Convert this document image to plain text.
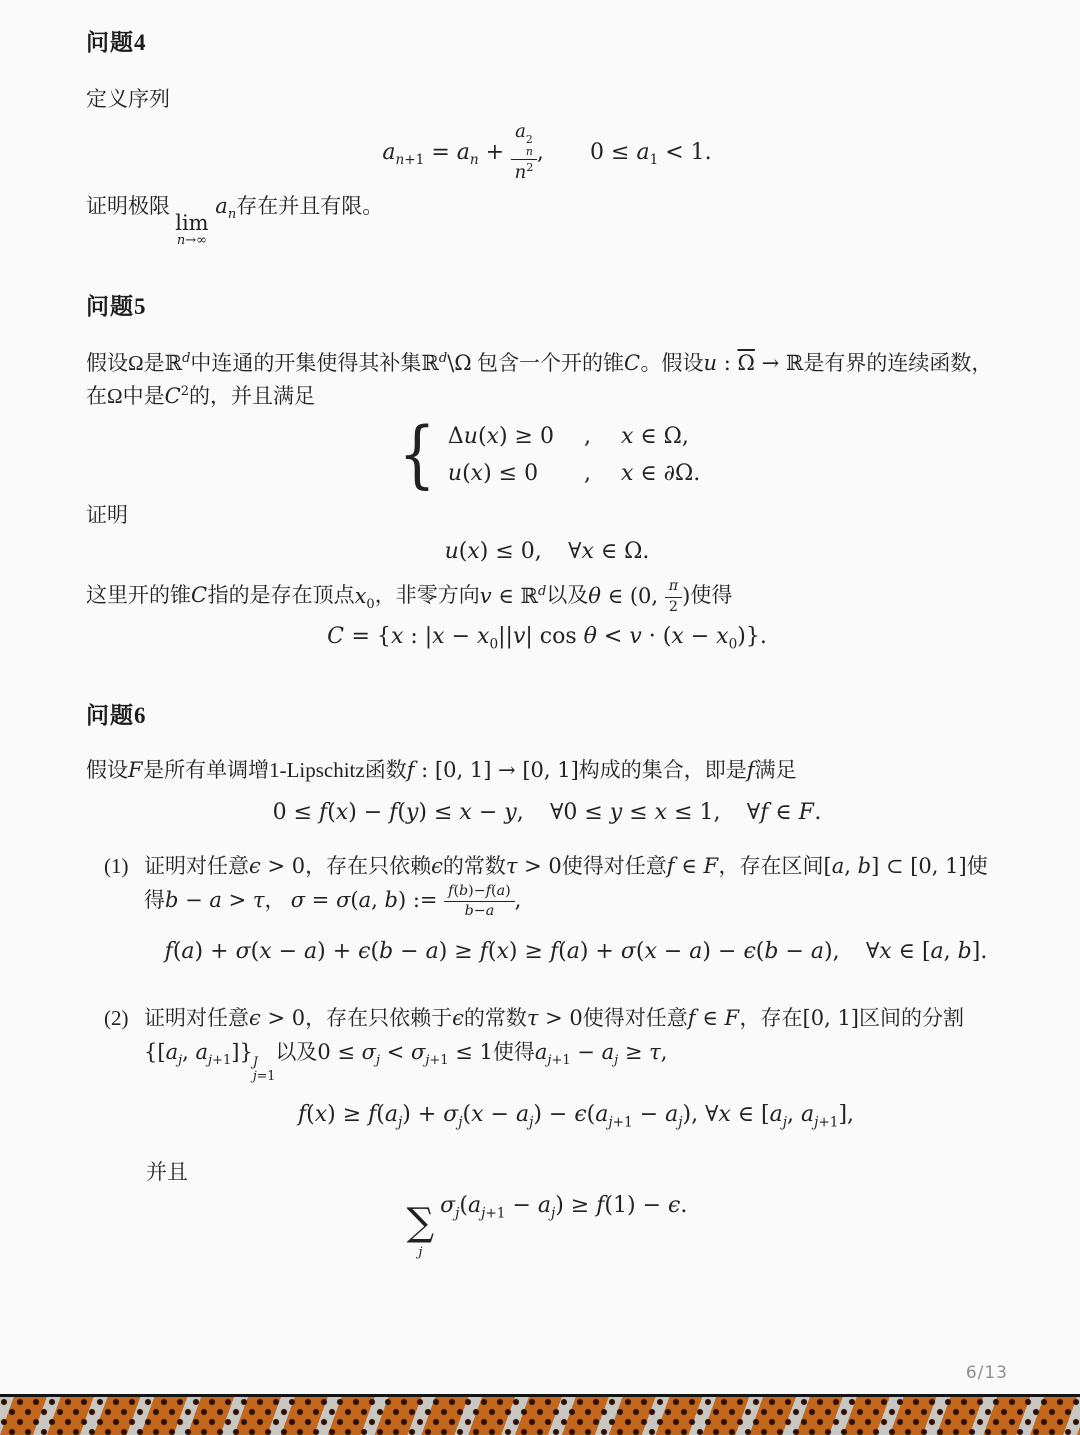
问题4

定义序列

$a_{n+1} = a_n + a$ 2
n
$n^2$ , $0 \le a_1 < 1$.

证明极限
lim
n→∞
$a_n$存在并且有限。

问题5

假设Ω是ℝ$^d$中连通的开集使得其补集ℝ$^d$\Ω 包含一个开的锥C。假设u : $\overline{\Omega}$ → ℝ是有界的连续函数，在Ω中是$C^2$的，并且满足

{ Δu(x) ≥ 0 , x ∈ Ω,
u(x) ≤ 0	, x ∈ ∂Ω.

证明

u(x) ≤ 0, ∀x ∈ Ω.

这里开的锥C指的是存在顶点$x_0$，非零方向v ∈ ℝ$^d$以及θ ∈ (0, $\frac{\pi}{2}$ )使得

C = {x : $|x - x_0||v|$ $\cos \theta < v \cdot (x - x_0)$}.
问题6

假设F是所有单调增1-Lipschitz函数f : [0, 1] → [0, 1]构成的集合，即是f满足

0 ≤ f(x) − f(y) ≤ x − y, ∀0 ≤ y ≤ x ≤ 1, ∀f ∈ F.
(1) 证明对任意ϵ > 0，存在只依赖ϵ的常数τ > 0使得对任意f ∈ F，存在区间[a, b] ⊂ [0, 1]使得b − a > τ， σ = σ(a, b) := $\frac{f(b)-f(a)}{b-a}$ ,

f(a) + σ(x − a) + ϵ(b − a) ≥ f(x) ≥ f(a) + σ(x − a) − ϵ(b − a), ∀x ∈ [a, b].
(2) 证明对任意ϵ > 0，存在只依赖于ϵ的常数τ > 0使得对任意f ∈ F，存在[0, 1]区间的分割{[$a_j$, $a_{j+1}$]} J
j=1
以及$0 \le \sigma_j < \sigma_{j+1} \le 1$使得$a_{j+1} - a_j \ge \tau$,

$f(x) \ge f(a_j) + \sigma_j(x - a_j) - \epsilon(a_{j+1} - a_j)$, ∀x ∈ [$a_j$, $a_{j+1}$],

并且

∑
j
$\sigma_j(a_{j+1} - a_j) \ge f(1) - \epsilon$.
6/13
